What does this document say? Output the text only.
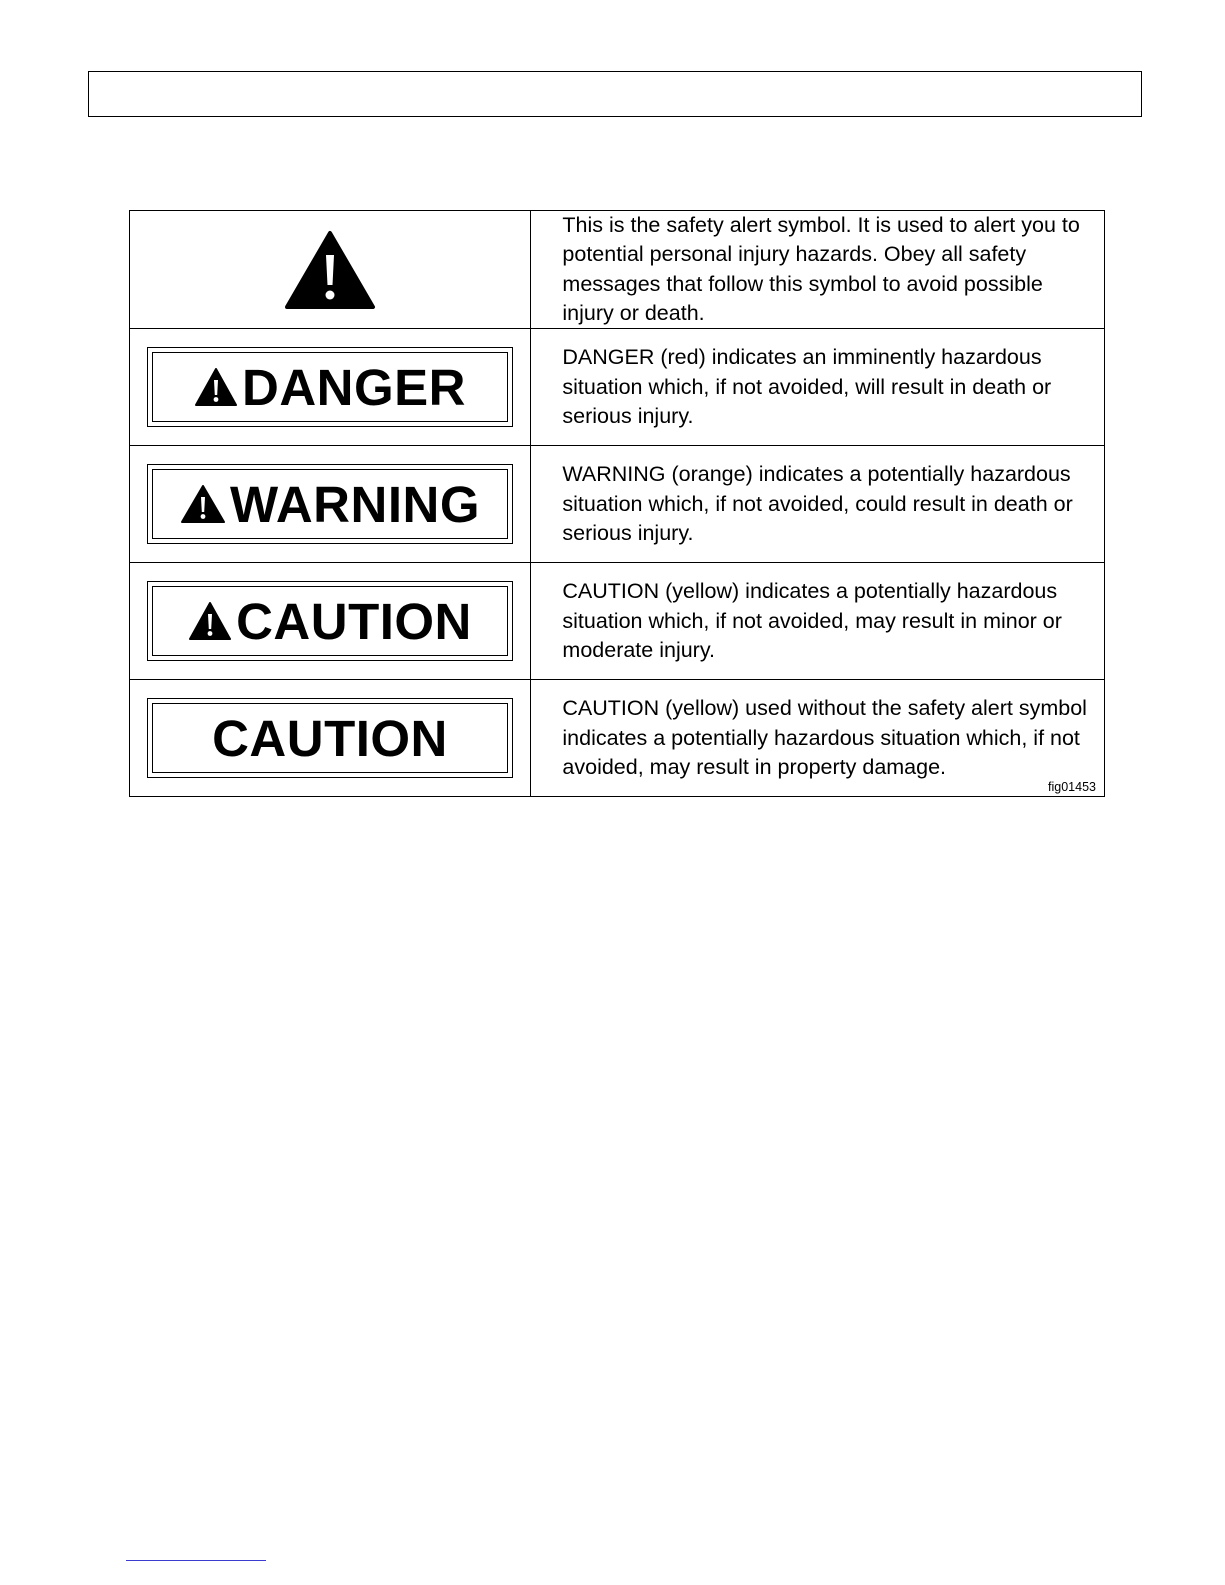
This is the safety alert symbol. It is used to alert you to potential personal injury hazards. Obey all safety messages that follow this symbol to avoid possible injury or death.

DANGER	DANGER (red) indicates an imminently hazardous situation which, if not avoided, will result in death or serious injury.

WARNING	WARNING (orange) indicates a potentially hazardous situation which, if not avoided, could result in death or serious injury.

CAUTION	CAUTION (yellow) indicates a potentially hazardous situation which, if not avoided, may result in minor or moderate injury.

CAUTION	CAUTION (yellow) used without the safety alert symbol indicates a potentially hazardous situation which, if not avoided, may result in property damage.
fig01453
